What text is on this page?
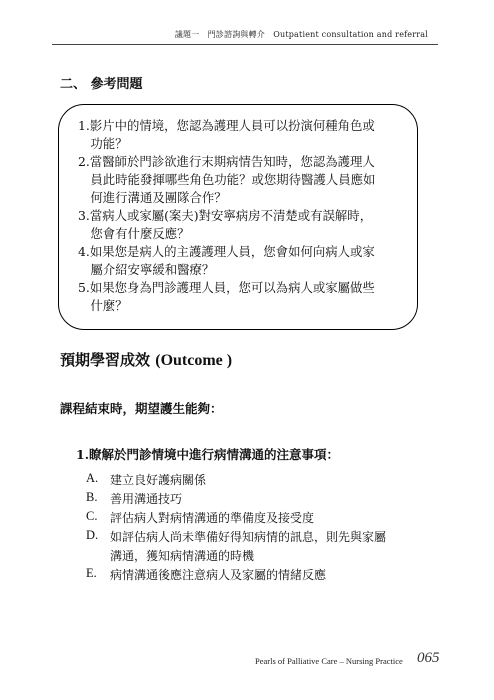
議題一　門診諮詢與轉介　Outpatient consultation and referral
二、 參考問題
1.影片中的情境，您認為護理人員可以扮演何種角色或
　功能？
2.當醫師於門診欲進行末期病情告知時，您認為護理人
　員此時能發揮哪些角色功能？或您期待醫護人員應如
　何進行溝通及團隊合作？
3.當病人或家屬(案夫)對安寧病房不清楚或有誤解時，
　您會有什麼反應？
4.如果您是病人的主護護理人員，您會如何向病人或家
　屬介紹安寧緩和醫療？
5.如果您身為門診護理人員，您可以為病人或家屬做些
　什麼？
預期學習成效 (Outcome )
課程結束時，期望護生能夠：
1.瞭解於門診情境中進行病情溝通的注意事項：
A. 建立良好護病關係
B. 善用溝通技巧
C. 評估病人對病情溝通的準備度及接受度
D. 如評估病人尚未準備好得知病情的訊息，則先與家屬
溝通，獲知病情溝通的時機
E. 病情溝通後應注意病人及家屬的情緒反應
Pearls of Palliative Care – Nursing Practice 065
